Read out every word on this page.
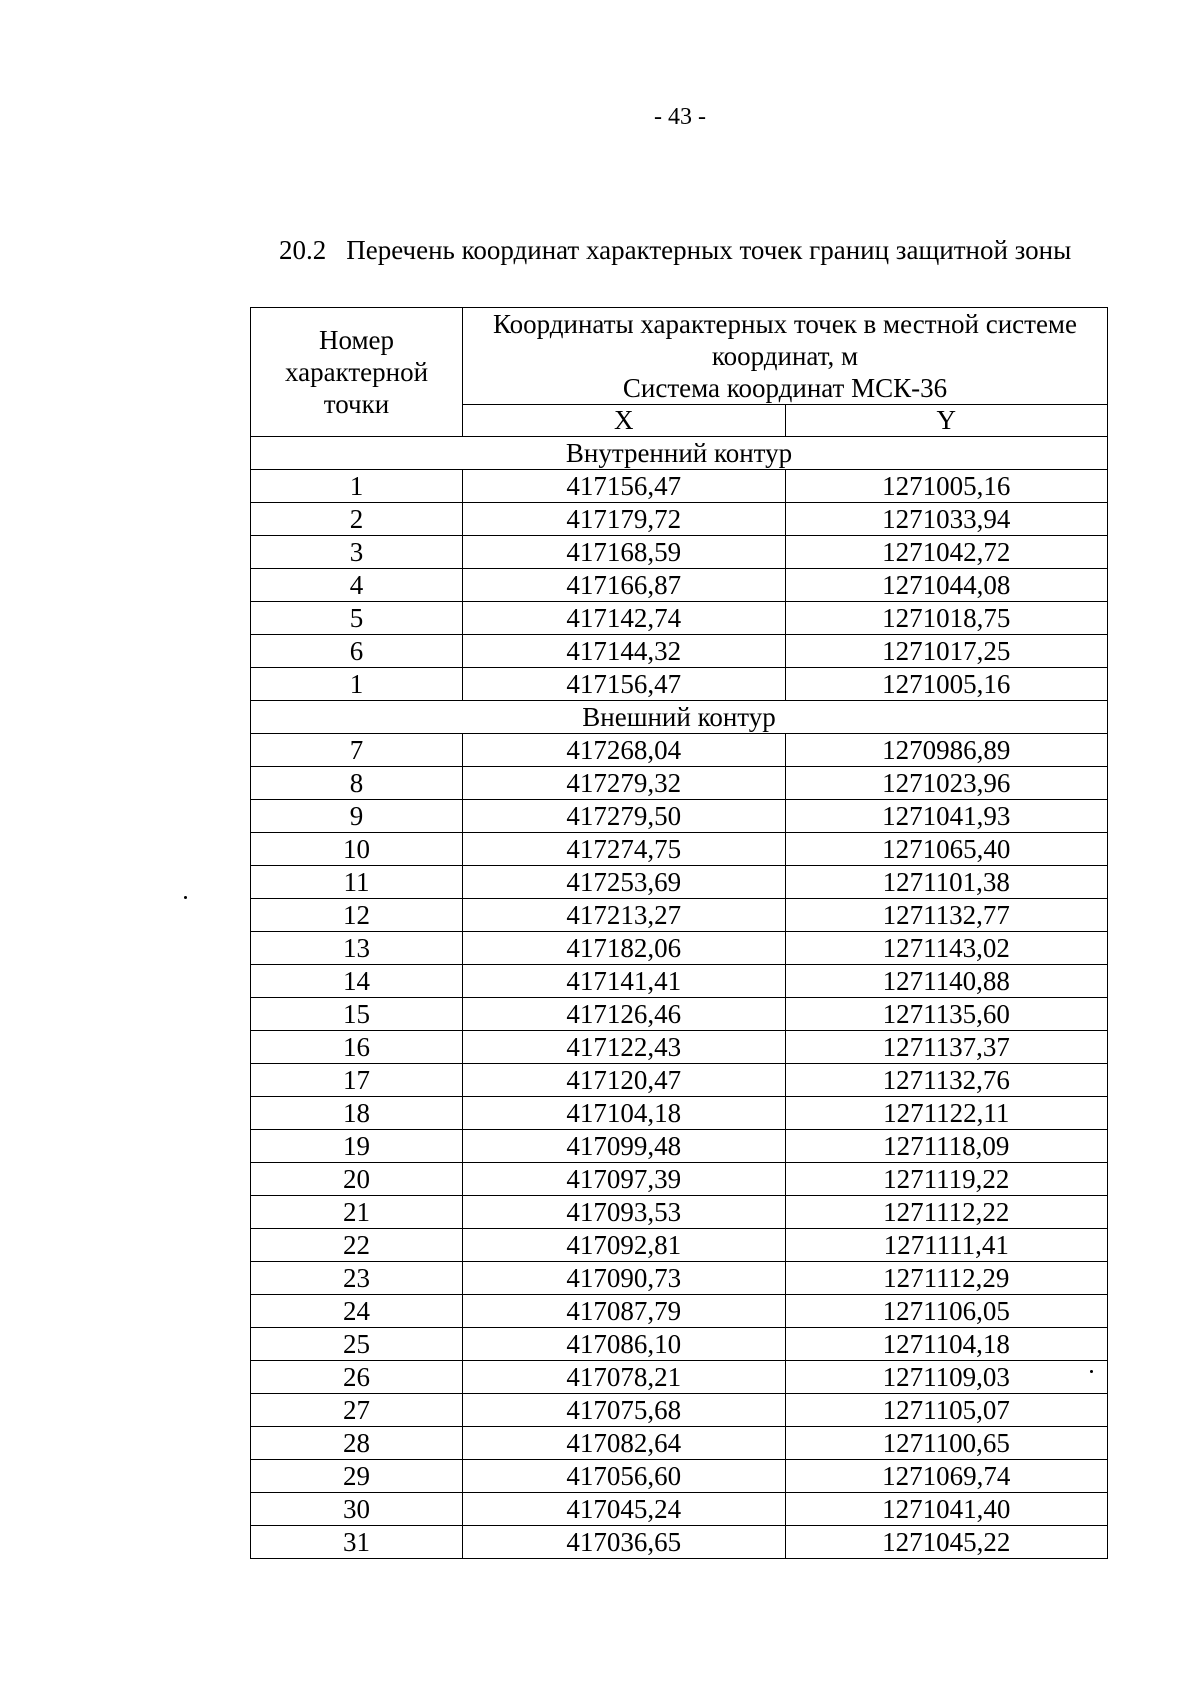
- 43 -
20.2 Перечень координат характерных точек границ защитной зоны
Номер характерной точки	Координаты характерных точек в местной системе
координат, м
Система координат МСК-36	

	X	Y
Внутренний контур		
1	417156,47	1271005,16
2	417179,72	1271033,94
3	417168,59	1271042,72
4	417166,87	1271044,08
5	417142,74	1271018,75
6	417144,32	1271017,25
1	417156,47	1271005,16
Внешний контур		
7	417268,04	1270986,89
8	417279,32	1271023,96
9	417279,50	1271041,93
10	417274,75	1271065,40
11	417253,69	1271101,38
12	417213,27	1271132,77
13	417182,06	1271143,02
14	417141,41	1271140,88
15	417126,46	1271135,60
16	417122,43	1271137,37
17	417120,47	1271132,76
18	417104,18	1271122,11
19	417099,48	1271118,09
20	417097,39	1271119,22
21	417093,53	1271112,22
22	417092,81	1271111,41
23	417090,73	1271112,29
24	417087,79	1271106,05
25	417086,10	1271104,18
26	417078,21	1271109,03
27	417075,68	1271105,07
28	417082,64	1271100,65
29	417056,60	1271069,74
30	417045,24	1271041,40
31	417036,65	1271045,22
